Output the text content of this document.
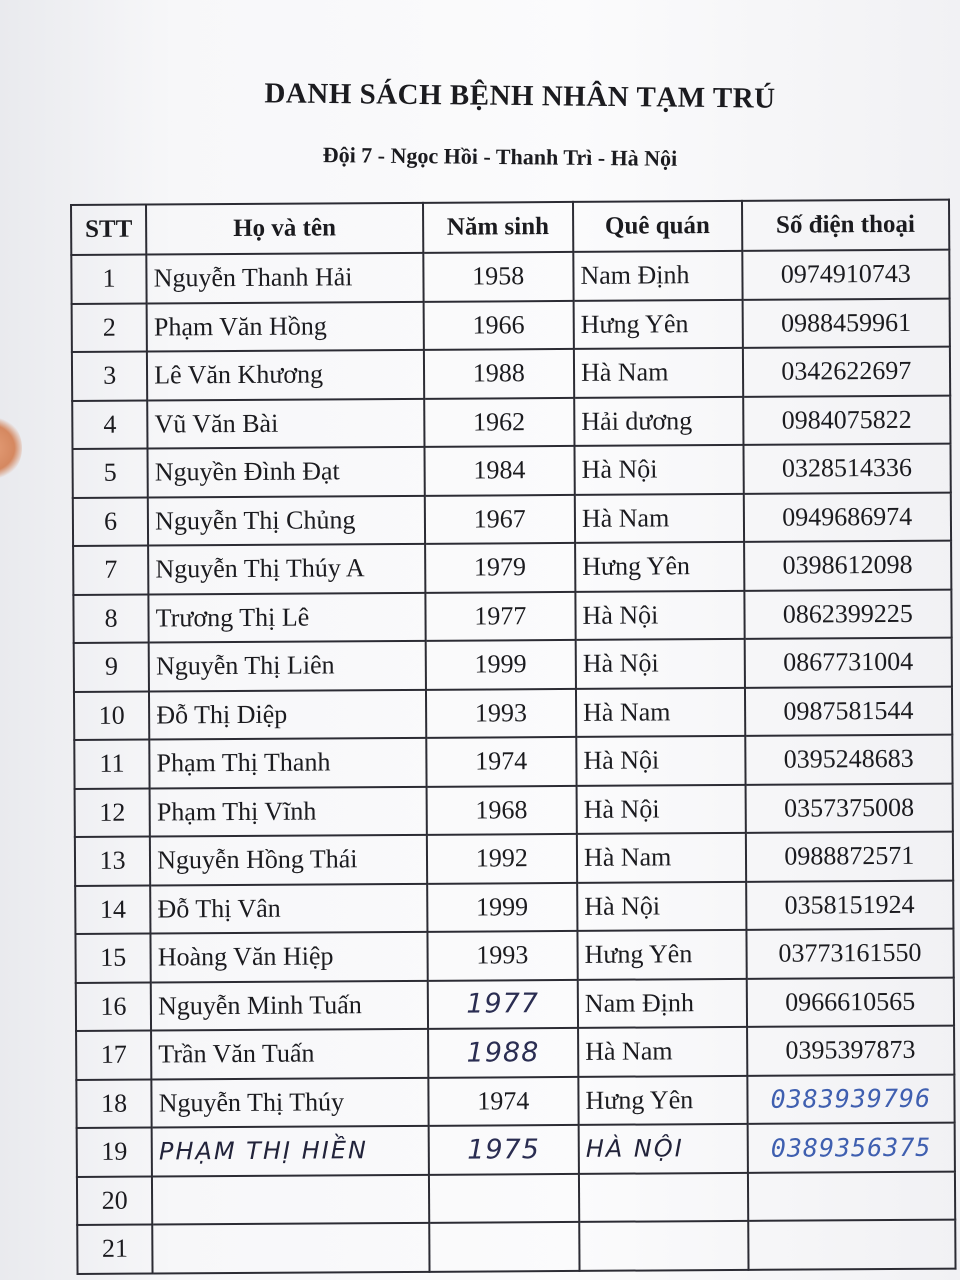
DANH SÁCH BỆNH NHÂN TẠM TRÚ
Đội 7 - Ngọc Hồi - Thanh Trì - Hà Nội
STT	Họ và tên	Năm sinh	Quê quán	Số điện thoại
1	Nguyễn Thanh Hải	1958	Nam Định	0974910743
2	Phạm Văn Hồng	1966	Hưng Yên	0988459961
3	Lê Văn Khương	1988	Hà Nam	0342622697
4	Vũ Văn Bài	1962	Hải dương	0984075822
5	Nguyền Đình Đạt	1984	Hà Nội	0328514336
6	Nguyễn Thị Chủng	1967	Hà Nam	0949686974
7	Nguyễn Thị Thúy A	1979	Hưng Yên	0398612098
8	Trương Thị Lê	1977	Hà Nội	0862399225
9	Nguyễn Thị Liên	1999	Hà Nội	0867731004
10	Đỗ Thị Diệp	1993	Hà Nam	0987581544
11	Phạm Thị Thanh	1974	Hà Nội	0395248683
12	Phạm Thị Vĩnh	1968	Hà Nội	0357375008
13	Nguyễn Hồng Thái	1992	Hà Nam	0988872571
14	Đỗ Thị Vân	1999	Hà Nội	0358151924
15	Hoàng Văn Hiệp	1993	Hưng Yên	03773161550
16	Nguyễn Minh Tuấn	1977	Nam Định	0966610565
17	Trần Văn Tuấn	1988	Hà Nam	0395397873
18	Nguyễn Thị Thúy	1974	Hưng Yên	0383939796
19	PHẠM THỊ HIỀN	1975	HÀ NỘI	0389356375
20				
21				
